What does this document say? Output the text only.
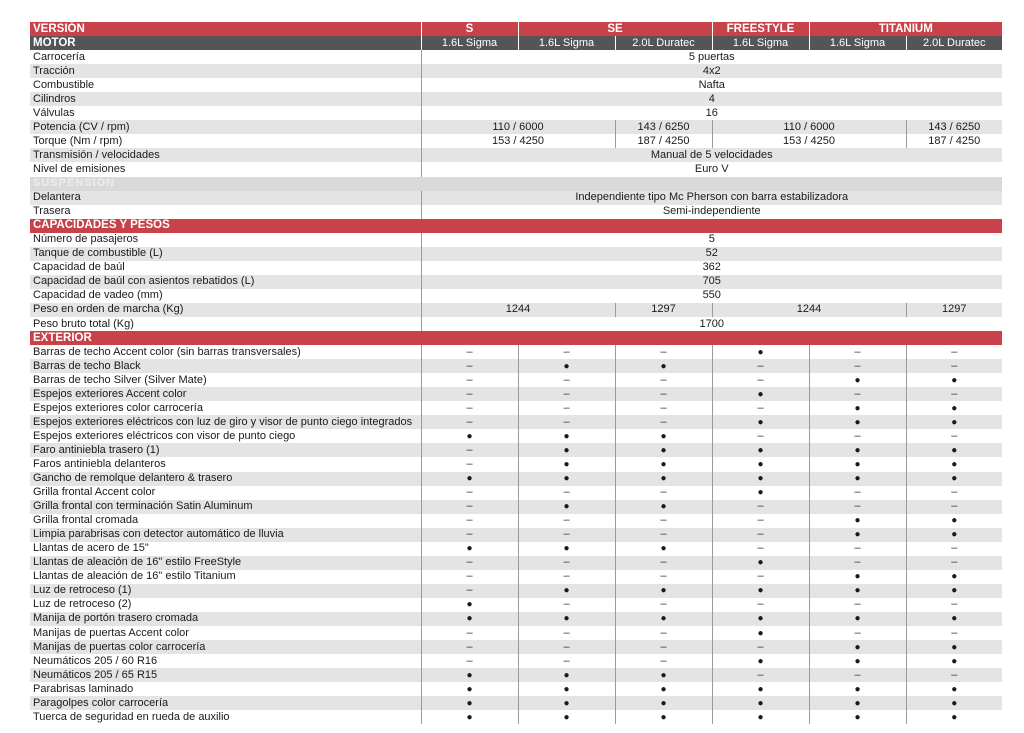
VERSIÓN	S	SE		FREESTYLE	TITANIUM	
MOTOR	1.6L Sigma	1.6L Sigma	2.0L Duratec	1.6L Sigma	1.6L Sigma	2.0L Duratec
Carrocería	5 puertas					
Tracción	4x2					
Combustible	Nafta					
Cilindros	4					
Válvulas	16					
Potencia (CV / rpm)	110 / 6000		143 / 6250	110 / 6000		143 / 6250
Torque (Nm / rpm)	153 / 4250		187 / 4250	153 / 4250		187 / 4250
Transmisión / velocidades	Manual de 5 velocidades					
Nivel de emisiones	Euro V					
SUSPENSIÓN						
Delantera	Independiente tipo Mc Pherson con barra estabilizadora					
Trasera	Semi-independiente					
CAPACIDADES Y PESOS						
Número de pasajeros	5					
Tanque de combustible (L)	52					
Capacidad de baúl	362					
Capacidad de baúl con asientos rebatidos (L)	705					
Capacidad de vadeo (mm)	550					
Peso en orden de marcha (Kg)	1244		1297	1244		1297
Peso bruto total (Kg)	1700					
EXTERIOR						
Barras de techo Accent color (sin barras transversales)	–	–	–	●	–	–
Barras de techo Black	–	●	●	–	–	–
Barras de techo Silver (Silver Mate)	–	–	–	–	●	●
Espejos exteriores Accent color	–	–	–	●	–	–
Espejos exteriores color carrocería	–	–	–	–	●	●
Espejos exteriores eléctricos con luz de giro y visor de punto ciego integrados	–	–	–	●	●	●
Espejos exteriores eléctricos con visor de punto ciego	●	●	●	–	–	–
Faro antiniebla trasero (1)	–	●	●	●	●	●
Faros antiniebla delanteros	–	●	●	●	●	●
Gancho de remolque delantero & trasero	●	●	●	●	●	●
Grilla frontal Accent color	–	–	–	●	–	–
Grilla frontal con terminación Satin Aluminum	–	●	●	–	–	–
Grilla frontal cromada	–	–	–	–	●	●
Limpia parabrisas con detector automático de lluvia	–	–	–	–	●	●
Llantas de acero de 15"	●	●	●	–	–	–
Llantas de aleación de 16" estilo FreeStyle	–	–	–	●	–	–
Llantas de aleación de 16" estilo Titanium	–	–	–	–	●	●
Luz de retroceso (1)	–	●	●	●	●	●
Luz de retroceso (2)	●	–	–	–	–	–
Manija de portón trasero cromada	●	●	●	●	●	●
Manijas de puertas Accent color	–	–	–	●	–	–
Manijas de puertas color carrocería	–	–	–	–	●	●
Neumáticos 205 / 60 R16	–	–	–	●	●	●
Neumáticos 205 / 65 R15	●	●	●	–	–	–
Parabrisas laminado	●	●	●	●	●	●
Paragolpes color carrocería	●	●	●	●	●	●
Tuerca de seguridad en rueda de auxilio	●	●	●	●	●	●
